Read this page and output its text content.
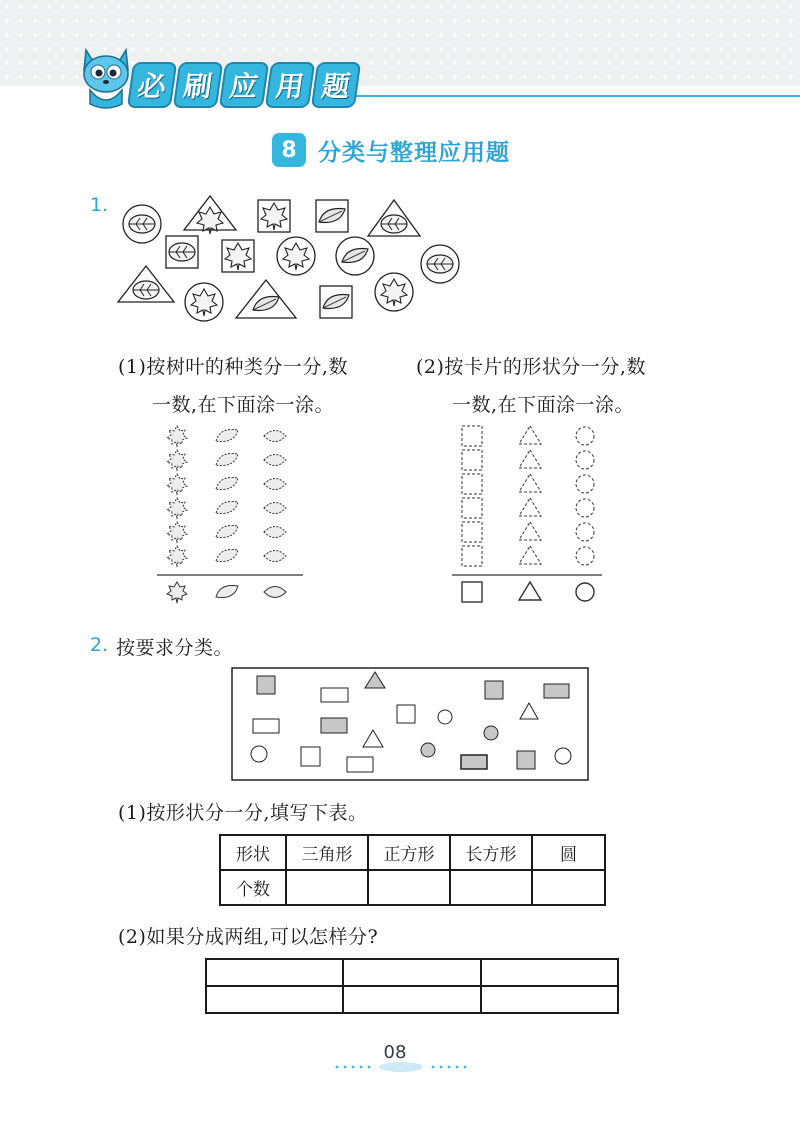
必 刷 应 用 题
8 分类与整理应用题
1.
(1)按树叶的种类分一分,数
一数,在下面涂一涂。
(2)按卡片的形状分一分,数
一数,在下面涂一涂。
2. 按要求分类。
(1)按形状分一分,填写下表。
形状	三角形	正方形	长方形	圆
个数				
(2)如果分成两组,可以怎样分?

08
